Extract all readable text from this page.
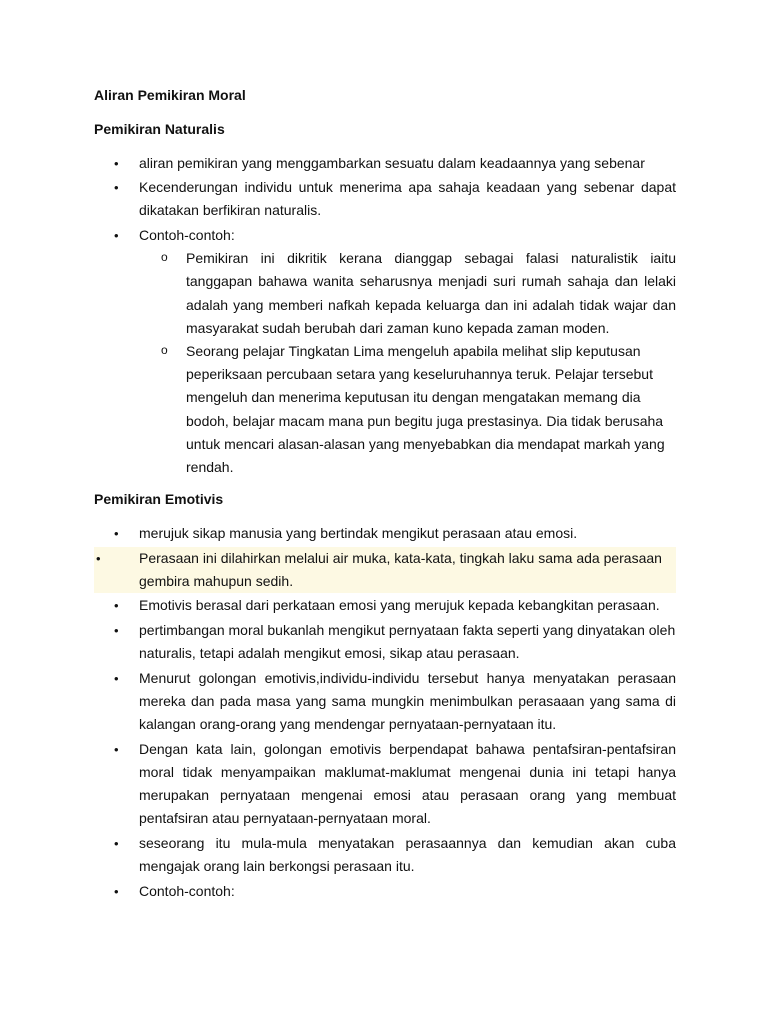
Aliran Pemikiran Moral

Pemikiran Naturalis

• aliran pemikiran yang menggambarkan sesuatu dalam keadaannya yang sebenar
• Kecenderungan individu untuk menerima apa sahaja keadaan yang sebenar dapat dikatakan berfikiran naturalis.
• Contoh-contoh:
o Pemikiran ini dikritik kerana dianggap sebagai falasi naturalistik iaitu tanggapan bahawa wanita seharusnya menjadi suri rumah sahaja dan lelaki adalah yang memberi nafkah kepada keluarga dan ini adalah tidak wajar dan masyarakat sudah berubah dari zaman kuno kepada zaman moden.
o Seorang pelajar Tingkatan Lima mengeluh apabila melihat slip keputusan peperiksaan percubaan setara yang keseluruhannya teruk. Pelajar tersebut mengeluh dan menerima keputusan itu dengan mengatakan memang dia bodoh, belajar macam mana pun begitu juga prestasinya. Dia tidak berusaha untuk mencari alasan-alasan yang menyebabkan dia mendapat markah yang rendah.

Pemikiran Emotivis

• merujuk sikap manusia yang bertindak mengikut perasaan atau emosi.
•	Perasaan ini dilahirkan melalui air muka, kata-kata, tingkah laku sama ada perasaan gembira mahupun sedih.
• Emotivis berasal dari perkataan emosi yang merujuk kepada kebangkitan perasaan.
• pertimbangan moral bukanlah mengikut pernyataan fakta seperti yang dinyatakan oleh naturalis, tetapi adalah mengikut emosi, sikap atau perasaan.
• Menurut golongan emotivis,individu-individu tersebut hanya menyatakan perasaan mereka dan pada masa yang sama mungkin menimbulkan perasaaan yang sama di kalangan orang-orang yang mendengar pernyataan-pernyataan itu.
• Dengan kata lain, golongan emotivis berpendapat bahawa pentafsiran-pentafsiran moral tidak menyampaikan maklumat-maklumat mengenai dunia ini tetapi hanya merupakan pernyataan mengenai emosi atau perasaan orang yang membuat pentafsiran atau pernyataan-pernyataan moral.
• seseorang itu mula-mula menyatakan perasaannya dan kemudian akan cuba mengajak orang lain berkongsi perasaan itu.
• Contoh-contoh:
